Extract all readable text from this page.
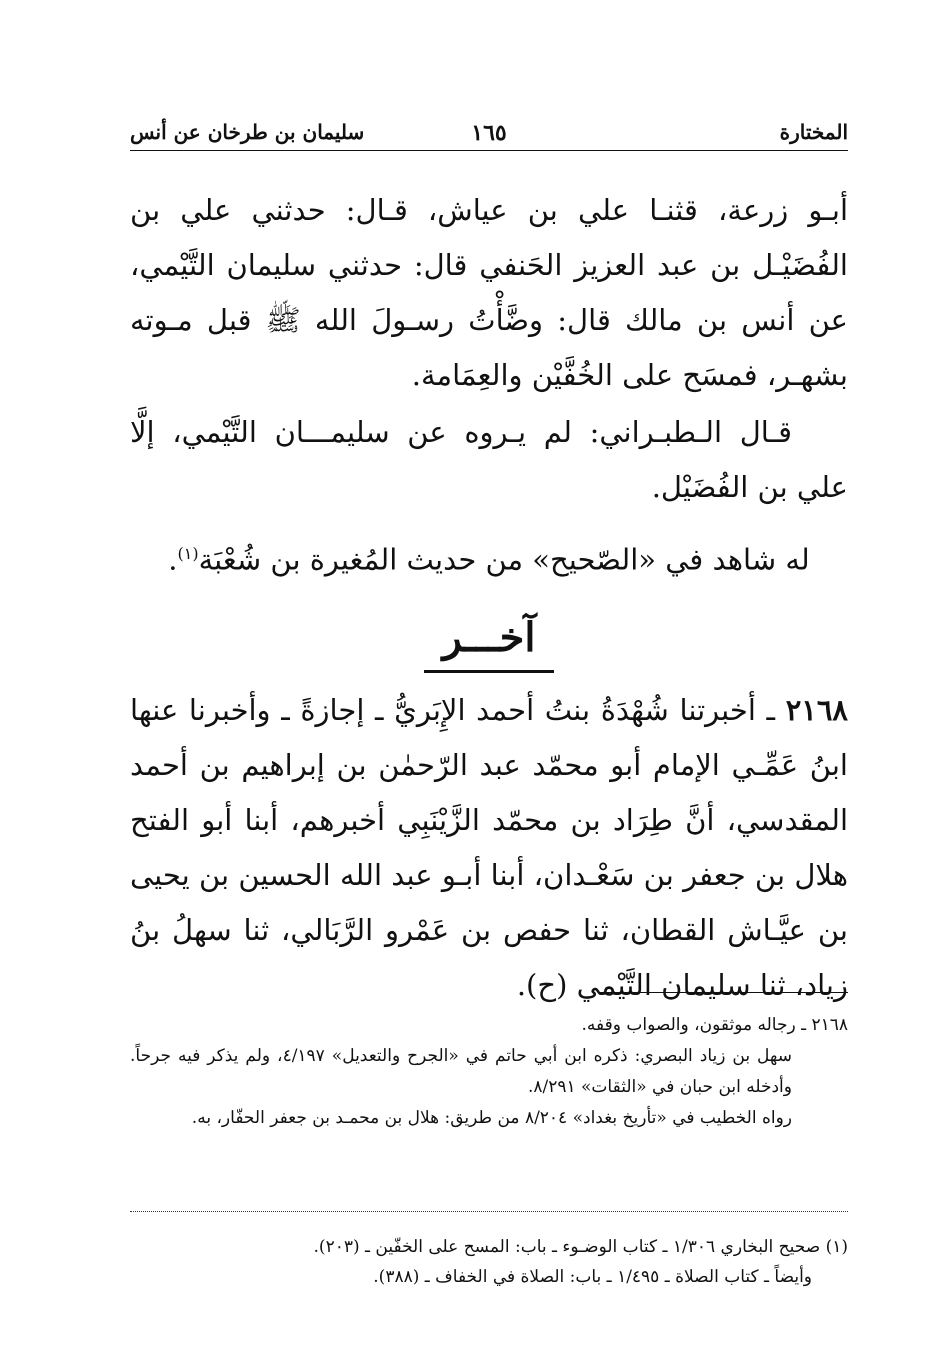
المختارة
١٦٥
سليمان بن طرخان عن أنس

أبـو زرعة، قثنـا علي بن عياش، قـال: حدثني علي بن الفُضَيْـل بن عبد العزيز الحَنفي قال: حدثني سليمان التَّيْمي، عن أنس بن مالك قال: وضَّأْتُ رسـولَ الله ﷺ قبل مـوته بشهـر، فمسَح على الخُفَّيْن والعِمَامة.

قـال الـطبـراني: لم يـروه عن سليمـــان التَّيْمي، إلَّا علي بن الفُضَيْل.

له شاهد في «الصّحيح» من حديث المُغيرة بن شُعْبَة$^{(١)}$.
آخـــر

٢١٦٨ ـ أخبرتنا شُهْدَةُ بنتُ أحمد الإِبَريُّ ـ إجازةً ـ وأخبرنا عنها ابنُ عَمِّـي الإمام أبو محمّد عبد الرّحمٰن بن إبراهيم بن أحمد المقدسي، أنَّ طِرَاد بن محمّد الزَّيْنَبِي أخبرهم، أبنا أبو الفتح هلال بن جعفر بن سَعْـدان، أبنا أبـو عبد الله الحسين بن يحيى بن عيَّـاش القطان، ثنا حفص بن عَمْرو الرَّبَالي، ثنا سهلُ بنُ زياد، ثنا سليمان التَّيْمي (ح).

٢١٦٨ ـ رجاله موثقون، والصواب وقفه.

سهل بن زياد البصري: ذكره ابن أبي حاتم في «الجرح والتعديل» ٤/١٩٧، ولم يذكر فيه جرحاً. وأدخله ابن حبان في «الثقات» ٨/٢٩١.

رواه الخطيب في «تأريخ بغداد» ٨/٢٠٤ من طريق: هلال بن محمـد بن جعفر الحفّار، به.

(١) صحيح البخاري ١/٣٠٦ ـ كتاب الوضـوء ـ باب: المسح على الخفّين ـ (٢٠٣).

وأيضاً ـ كتاب الصلاة ـ ١/٤٩٥ ـ باب: الصلاة في الخفاف ـ (٣٨٨).
